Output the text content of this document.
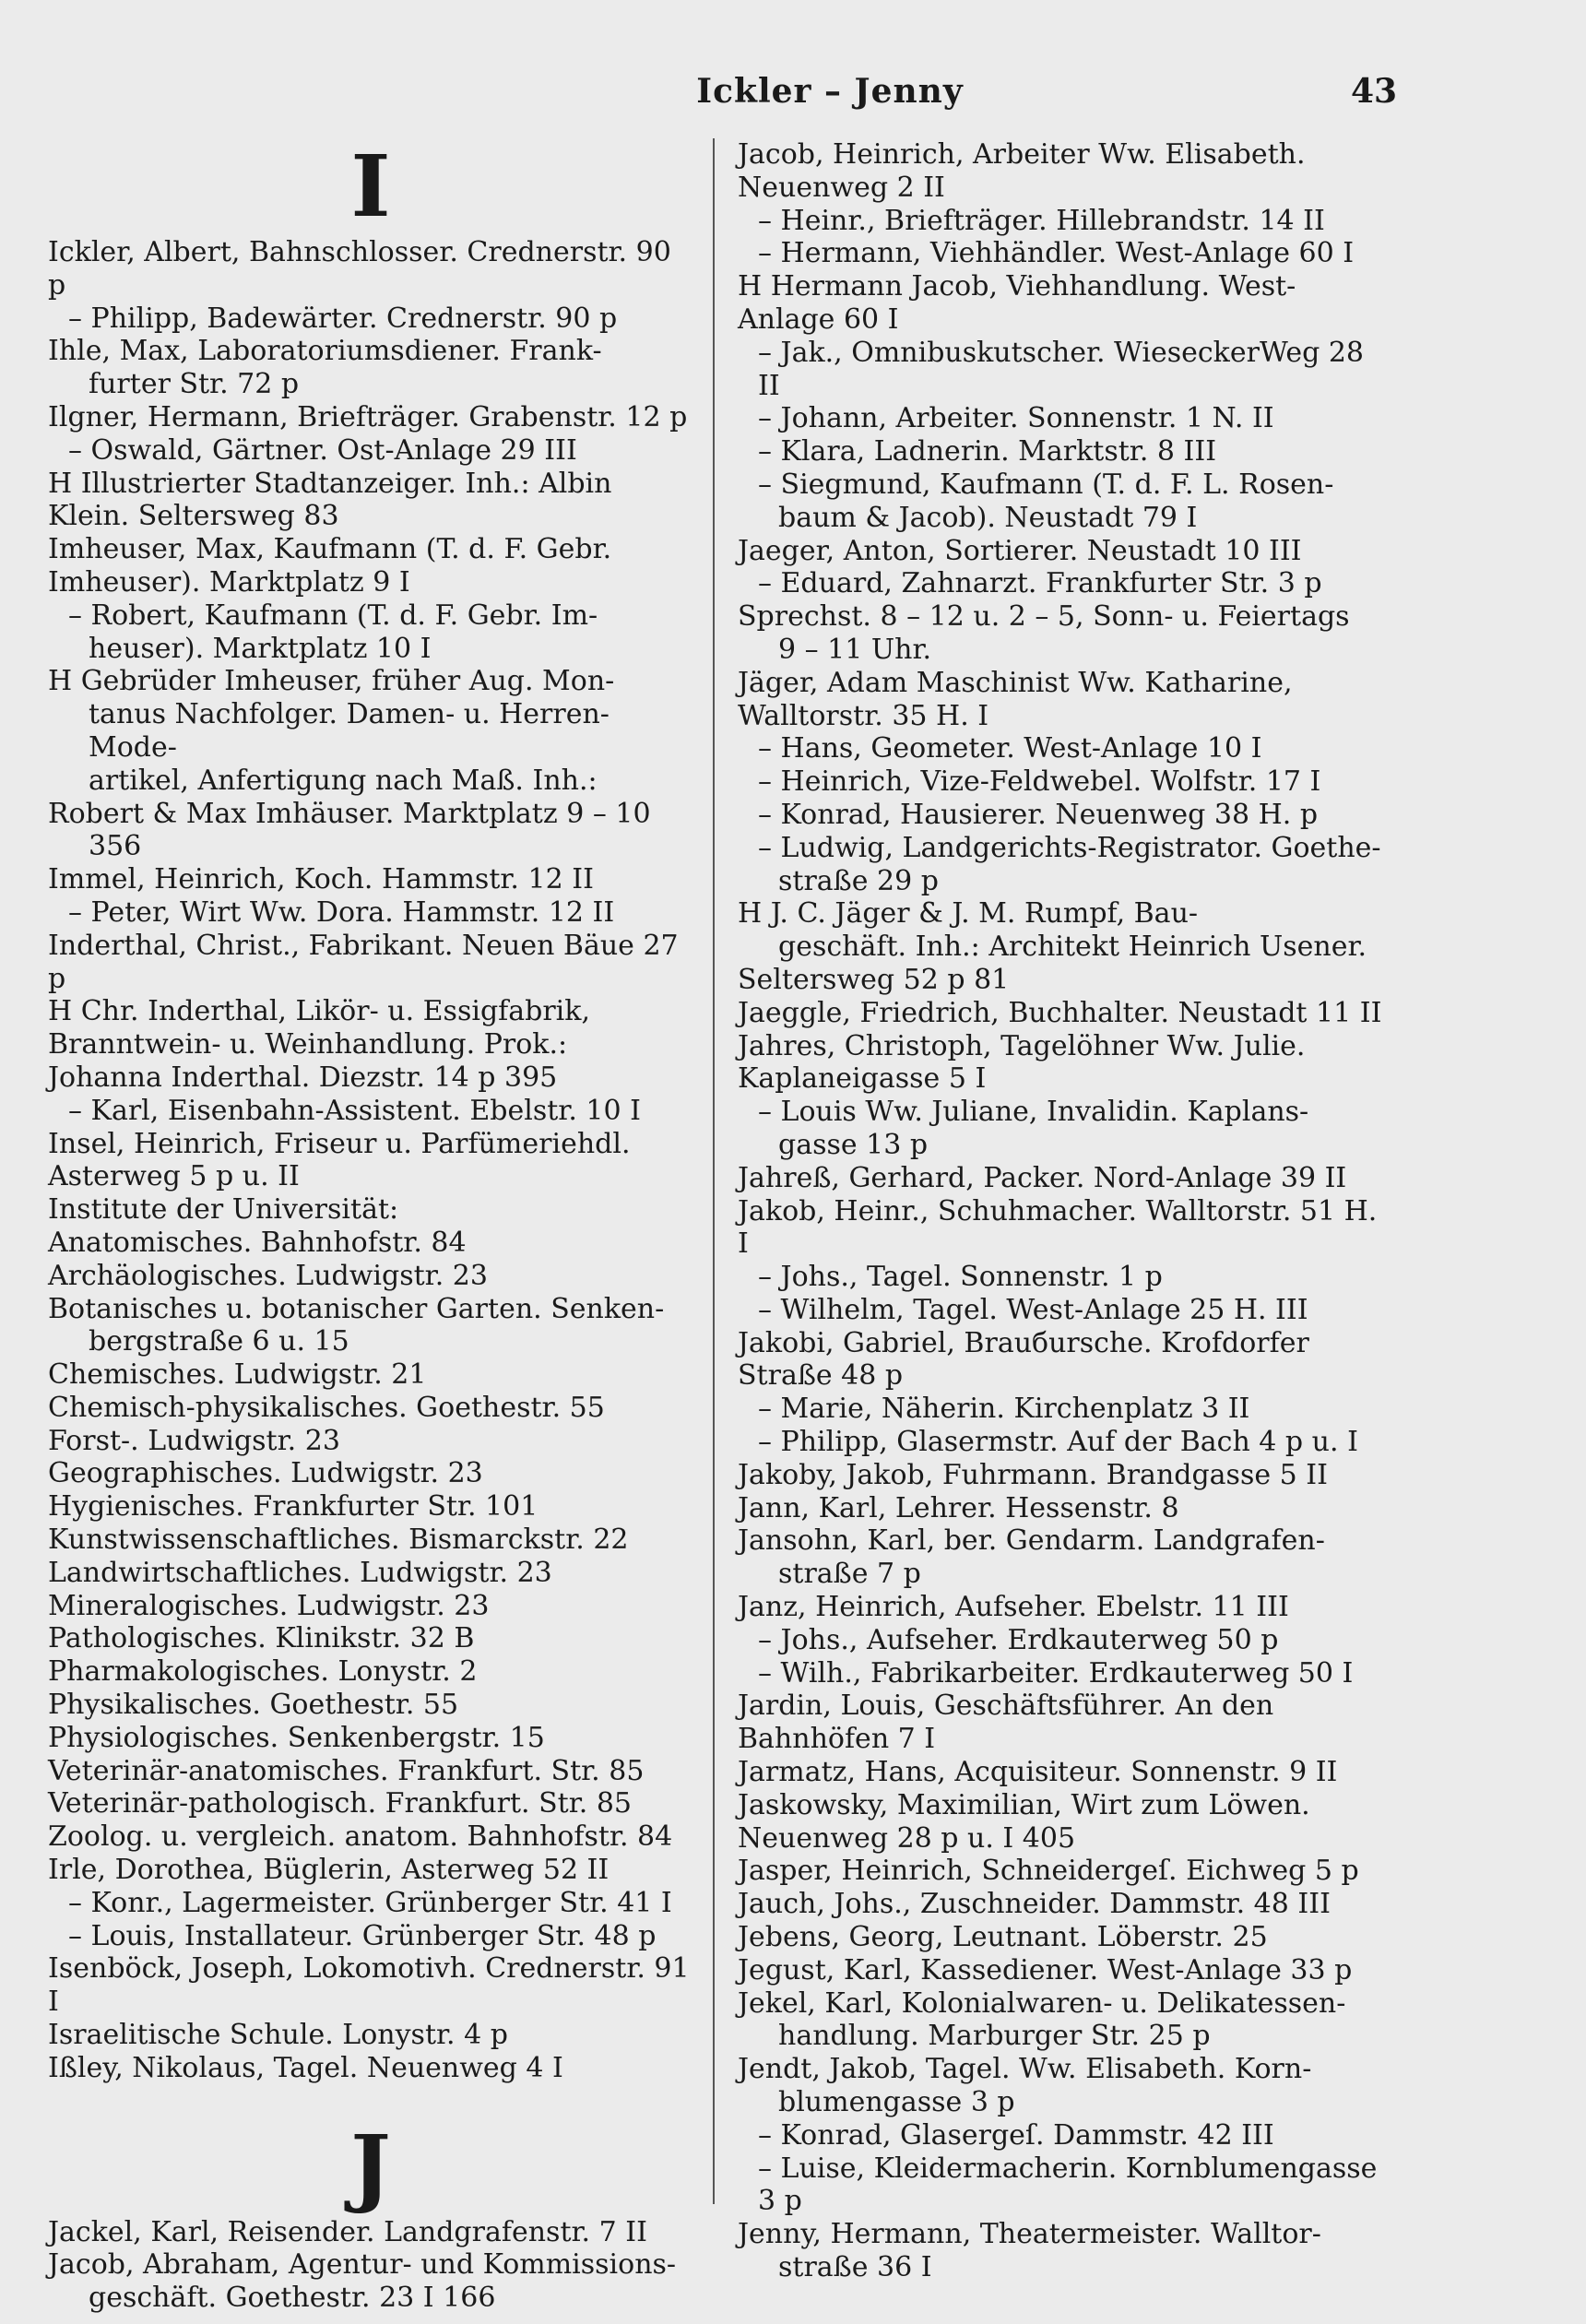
Ickler – Jenny	43
I

Ickler, Albert, Bahnschlosser. Crednerstr. 90 p

– Philipp, Badewärter. Crednerstr. 90 p

Ihle, Max, Laboratoriumsdiener. Frank-

furter Str. 72 p

Ilgner, Hermann, Briefträger. Grabenstr. 12 p

– Oswald, Gärtner. Ost-Anlage 29 III

H Illustrierter Stadtanzeiger. Inh.: Albin

Klein. Seltersweg 83

Imheuser, Max, Kaufmann (T. d. F. Gebr.

Imheuser). Marktplatz 9 I

– Robert, Kaufmann (T. d. F. Gebr. Im-

heuser). Marktplatz 10 I

H Gebrüder Imheuser, früher Aug. Mon-

tanus Nachfolger. Damen- u. Herren-Mode-

artikel, Anfertigung nach Maß. Inh.:

Robert & Max Imhäuser. Marktplatz 9 – 10

356

Immel, Heinrich, Koch. Hammstr. 12 II

– Peter, Wirt Ww. Dora. Hammstr. 12 II

Inderthal, Christ., Fabrikant. Neuen Bäue 27 p

H Chr. Inderthal, Likör- u. Essigfabrik,

Branntwein- u. Weinhandlung. Prok.:

Johanna Inderthal. Diezstr. 14 p 395

– Karl, Eisenbahn-Assistent. Ebelstr. 10 I

Insel, Heinrich, Friseur u. Parfümeriehdl.

Asterweg 5 p u. II

Institute der Universität:

Anatomisches. Bahnhofstr. 84

Archäologisches. Ludwigstr. 23

Botanisches u. botanischer Garten. Senken-

bergstraße 6 u. 15

Chemisches. Ludwigstr. 21

Chemisch-physikalisches. Goethestr. 55

Forst-. Ludwigstr. 23

Geographisches. Ludwigstr. 23

Hygienisches. Frankfurter Str. 101

Kunstwissenschaftliches. Bismarckstr. 22

Landwirtschaftliches. Ludwigstr. 23

Mineralogisches. Ludwigstr. 23

Pathologisches. Klinikstr. 32 B

Pharmakologisches. Lonystr. 2

Physikalisches. Goethestr. 55

Physiologisches. Senkenbergstr. 15

Veterinär-anatomisches. Frankfurt. Str. 85

Veterinär-pathologisch. Frankfurt. Str. 85

Zoolog. u. vergleich. anatom. Bahnhofstr. 84

Irle, Dorothea, Büglerin, Asterweg 52 II

– Konr., Lagermeister. Grünberger Str. 41 I

– Louis, Installateur. Grünberger Str. 48 p

Isenböck, Joseph, Lokomotivh. Crednerstr. 91 I

Israelitische Schule. Lonystr. 4 p

Ißley, Nikolaus, Tagel. Neuenweg 4 I

J

Jackel, Karl, Reisender. Landgrafenstr. 7 II

Jacob, Abraham, Agentur- und Kommissions-

geschäft. Goethestr. 23 I 166

Jacob, Heinrich, Arbeiter Ww. Elisabeth.

Neuenweg 2 II

– Heinr., Briefträger. Hillebrandstr. 14 II

– Hermann, Viehhändler. West-Anlage 60 I

H Hermann Jacob, Viehhandlung. West-

Anlage 60 I

– Jak., Omnibuskutscher. WieseckerWeg 28 II

– Johann, Arbeiter. Sonnenstr. 1 N. II

– Klara, Ladnerin. Marktstr. 8 III

– Siegmund, Kaufmann (T. d. F. L. Rosen-

baum & Jacob). Neustadt 79 I

Jaeger, Anton, Sortierer. Neustadt 10 III

– Eduard, Zahnarzt. Frankfurter Str. 3 p

Sprechst. 8 – 12 u. 2 – 5, Sonn- u. Feiertags

9 – 11 Uhr.

Jäger, Adam Maschinist Ww. Katharine,

Walltorstr. 35 H. I

– Hans, Geometer. West-Anlage 10 I

– Heinrich, Vize-Feldwebel. Wolfstr. 17 I

– Konrad, Hausierer. Neuenweg 38 H. p

– Ludwig, Landgerichts-Registrator. Goethe-

straße 29 p

H J. C. Jäger & J. M. Rumpf, Bau-

geschäft. Inh.: Architekt Heinrich Usener.

Seltersweg 52 p 81

Jaeggle, Friedrich, Buchhalter. Neustadt 11 II

Jahres, Christoph, Tagelöhner Ww. Julie.

Kaplaneigasse 5 I

– Louis Ww. Juliane, Invalidin. Kaplans-

gasse 13 p

Jahreß, Gerhard, Packer. Nord-Anlage 39 II

Jakob, Heinr., Schuhmacher. Walltorstr. 51 H. I

– Johs., Tagel. Sonnenstr. 1 p

– Wilhelm, Tagel. West-Anlage 25 H. III

Jakobi, Gabriel, Brauбursche. Krofdorfer

Straße 48 p

– Marie, Näherin. Kirchenplatz 3 II

– Philipp, Glasermstr. Auf der Bach 4 p u. I

Jakoby, Jakob, Fuhrmann. Brandgasse 5 II

Jann, Karl, Lehrer. Hessenstr. 8

Jansohn, Karl, ber. Gendarm. Landgrafen-

straße 7 p

Janz, Heinrich, Aufseher. Ebelstr. 11 III

– Johs., Aufseher. Erdkauterweg 50 p

– Wilh., Fabrikarbeiter. Erdkauterweg 50 I

Jardin, Louis, Geschäftsführer. An den

Bahnhöfen 7 I

Jarmatz, Hans, Acquisiteur. Sonnenstr. 9 II

Jaskowsky, Maximilian, Wirt zum Löwen.

Neuenweg 28 p u. I 405

Jasper, Heinrich, Schneidergeſ. Eichweg 5 p

Jauch, Johs., Zuschneider. Dammstr. 48 III

Jebens, Georg, Leutnant. Löberstr. 25

Jegust, Karl, Kassediener. West-Anlage 33 p

Jekel, Karl, Kolonialwaren- u. Delikatessen-

handlung. Marburger Str. 25 p

Jendt, Jakob, Tagel. Ww. Elisabeth. Korn-

blumengasse 3 p

– Konrad, Glasergeſ. Dammstr. 42 III

– Luise, Kleidermacherin. Kornblumengasse 3 p

Jenny, Hermann, Theatermeister. Walltor-

straße 36 I
